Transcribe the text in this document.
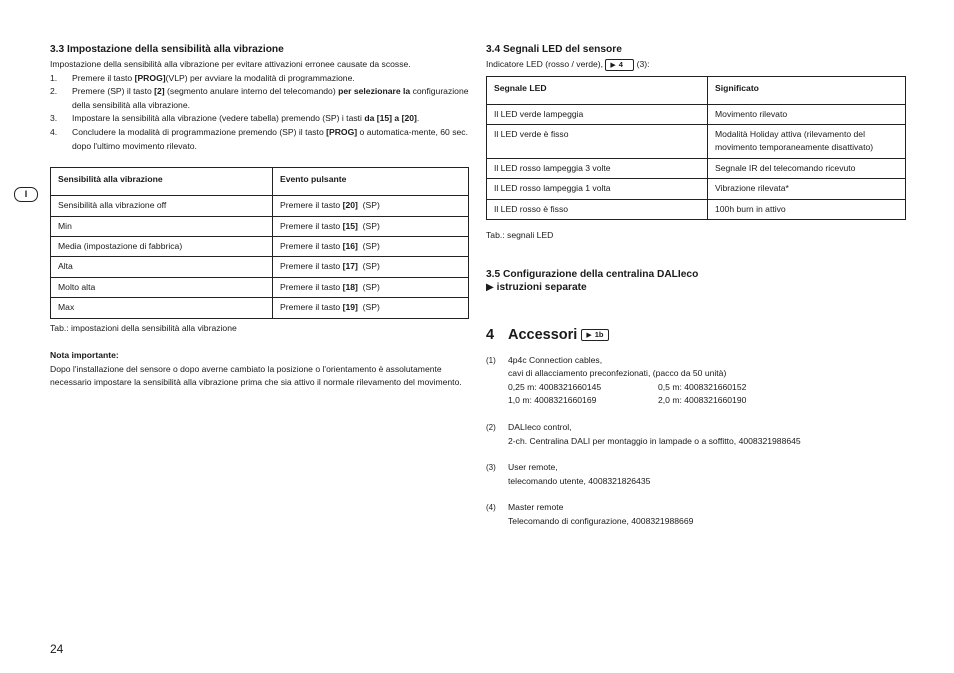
I
3.3 Impostazione della sensibilità alla vibrazione

Impostazione della sensibilità alla vibrazione per evitare attivazioni erronee causate da scosse.

1. Premere il tasto [PROG](VLP) per avviare la modalità di programmazione.
2. Premere (SP) il tasto [2] (segmento anulare interno del telecomando) per selezionare la configurazione della sensibilità alla vibrazione.
3. Impostare la sensibilità alla vibrazione (vedere tabella) premendo (SP) i tasti da [15] a [20].
4. Concludere la modalità di programmazione premendo (SP) il tasto [PROG] o automatica-mente, 60 sec. dopo l'ultimo movimento rilevato.
Sensibilità alla vibrazione	Evento pulsante
Sensibilità alla vibrazione off	Premere il tasto [20]  (SP)
Min	Premere il tasto [15]  (SP)
Media (impostazione di fabbrica)	Premere il tasto [16]  (SP)
Alta	Premere il tasto [17]  (SP)
Molto alta	Premere il tasto [18]  (SP)
Max	Premere il tasto [19]  (SP)

Tab.: impostazioni della sensibilità alla vibrazione

Nota importante:

Dopo l'installazione del sensore o dopo averne cambiato la posizione o l'orientamento è assolutamente necessario impostare la sensibilità alla vibrazione prima che sia attivo il normale rilevamento del movimento.

3.4 Segnali LED del sensore

Indicatore LED (rosso / verde), ▶ 4    (3):

Segnale LED	Significato
Il LED verde lampeggia	Movimento rilevato
Il LED verde è fisso	Modalità Holiday attiva (rilevamento del movimento temporaneamente disattivato)
Il LED rosso lampeggia 3 volte	Segnale IR del telecomando ricevuto
Il LED rosso lampeggia 1 volta	Vibrazione rilevata*
Il LED rosso è fisso	100h burn in attivo

Tab.: segnali LED

3.5 Configurazione della centralina DALIeco
▶ istruzioni separate
4 Accessori ▶ 1b
(1) 4p4c Connection cables,

cavi di allacciamento preconfezionati, (pacco da 50 unità)

0,25 m: 4008321660145	0,5 m: 4008321660152
1,0 m: 4008321660169	2,0 m: 4008321660190
(2) DALIeco control,

2-ch. Centralina DALI per montaggio in lampade o a soffitto, 4008321988645

(3) User remote,

telecomando utente, 4008321826435

(4) Master remote

Telecomando di configurazione, 4008321988669

24
